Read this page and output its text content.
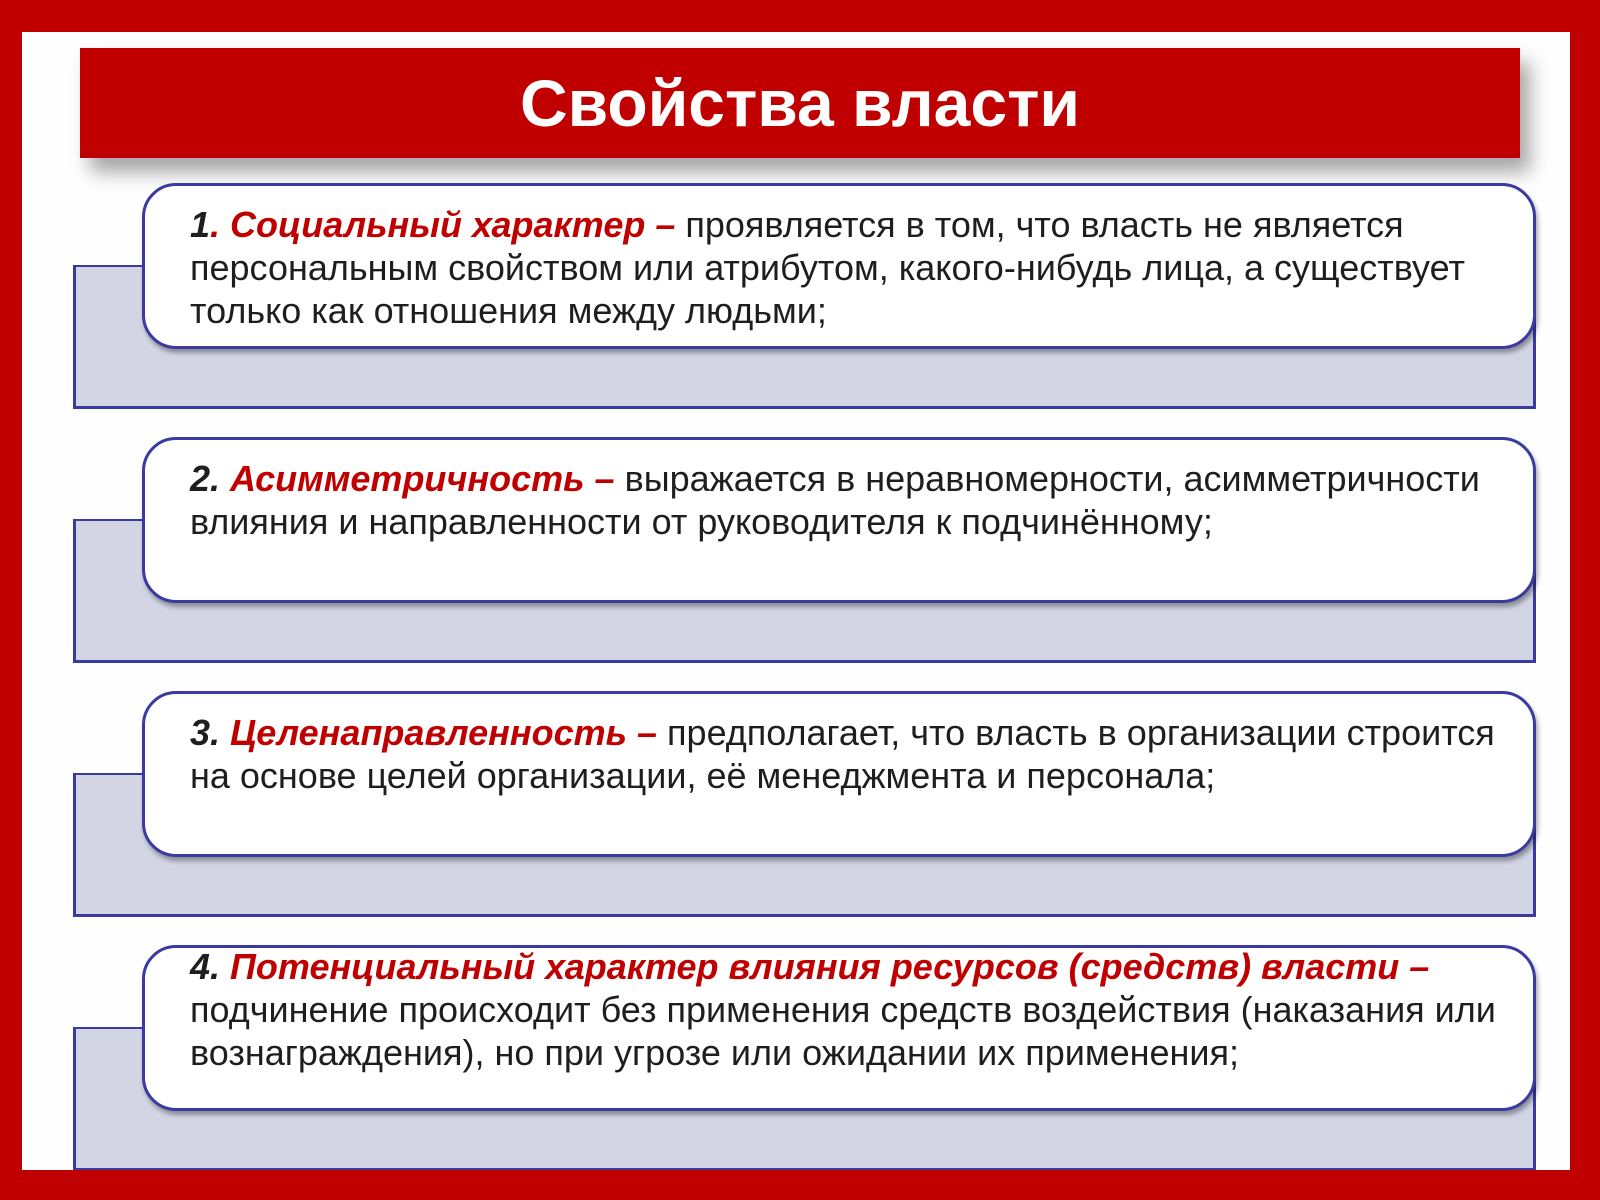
Свойства власти
1. Социальный характер – проявляется в том, что власть не является персональным свойством или атрибутом, какого-нибудь лица, а существует только как отношения между людьми;
2. Асимметричность – выражается в неравномерности, асимметричности влияния и направленности от руководителя к подчинённому;
3. Целенаправленность – предполагает, что власть в организации строится на основе целей организации, её менеджмента и персонала;
4. Потенциальный характер влияния ресурсов (средств) власти – подчинение происходит без применения средств воздействия (наказания или вознаграждения), но при угрозе или ожидании их применения;
